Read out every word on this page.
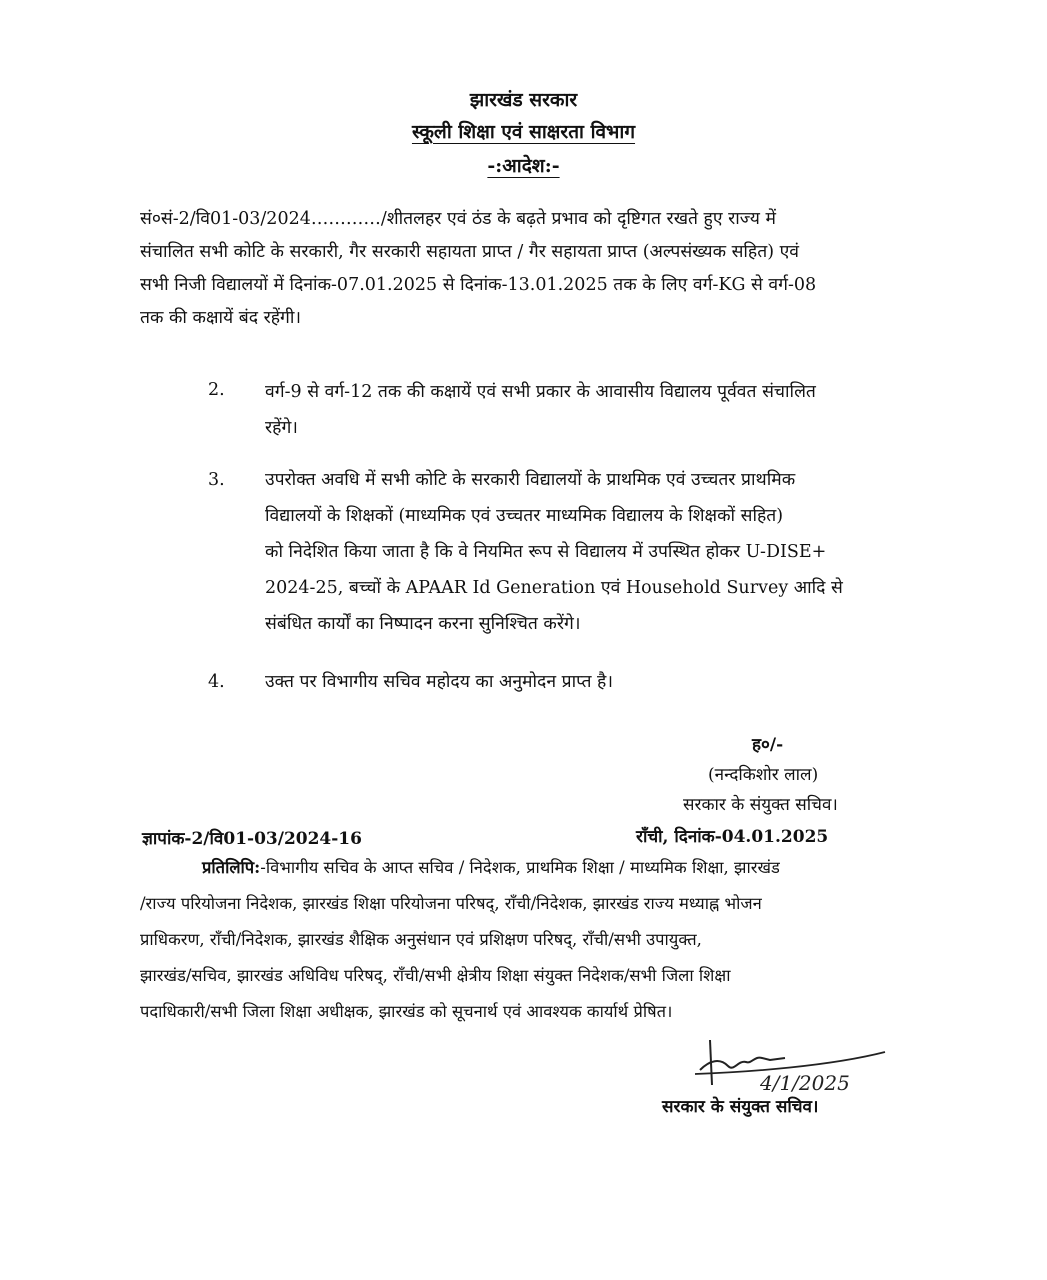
झारखंड सरकार
स्कूली शिक्षा एवं साक्षरता विभाग
-:आदेश:-
सं०सं-2/वि01-03/2024…………/शीतलहर एवं ठंड के बढ़ते प्रभाव को दृष्टिगत रखते हुए राज्य में
संचालित सभी कोटि के सरकारी, गैर सरकारी सहायता प्राप्त / गैर सहायता प्राप्त (अल्पसंख्यक सहित) एवं
सभी निजी विद्यालयों में दिनांक-07.01.2025 से दिनांक-13.01.2025 तक के लिए वर्ग-KG से वर्ग-08
तक की कक्षायें बंद रहेंगी।
2. वर्ग-9 से वर्ग-12 तक की कक्षायें एवं सभी प्रकार के आवासीय विद्यालय पूर्ववत संचालित
रहेंगे।
3. उपरोक्त अवधि में सभी कोटि के सरकारी विद्यालयों के प्राथमिक एवं उच्चतर प्राथमिक
विद्यालयों के शिक्षकों (माध्यमिक एवं उच्चतर माध्यमिक विद्यालय के शिक्षकों सहित)
को निदेशित किया जाता है कि वे नियमित रूप से विद्यालय में उपस्थित होकर U-DISE+
2024-25, बच्चों के APAAR Id Generation एवं Household Survey आदि से
संबंधित कार्यों का निष्पादन करना सुनिश्चित करेंगे।
4. उक्त पर विभागीय सचिव महोदय का अनुमोदन प्राप्त है।
ह०/-
(नन्दकिशोर लाल)
सरकार के संयुक्त सचिव।
ज्ञापांक-2/वि01-03/2024-16	राँची, दिनांक-04.01.2025
प्रतिलिपि:-विभागीय सचिव के आप्त सचिव / निदेशक, प्राथमिक शिक्षा / माध्यमिक शिक्षा, झारखंड
/राज्य परियोजना निदेशक, झारखंड शिक्षा परियोजना परिषद्, राँची/निदेशक, झारखंड राज्य मध्याह्न भोजन
प्राधिकरण, राँची/निदेशक, झारखंड शैक्षिक अनुसंधान एवं प्रशिक्षण परिषद्, राँची/सभी उपायुक्त,
झारखंड/सचिव, झारखंड अधिविध परिषद्, राँची/सभी क्षेत्रीय शिक्षा संयुक्त निदेशक/सभी जिला शिक्षा
पदाधिकारी/सभी जिला शिक्षा अधीक्षक, झारखंड को सूचनार्थ एवं आवश्यक कार्यार्थ प्रेषित।
4/1/2025
सरकार के संयुक्त सचिव।
